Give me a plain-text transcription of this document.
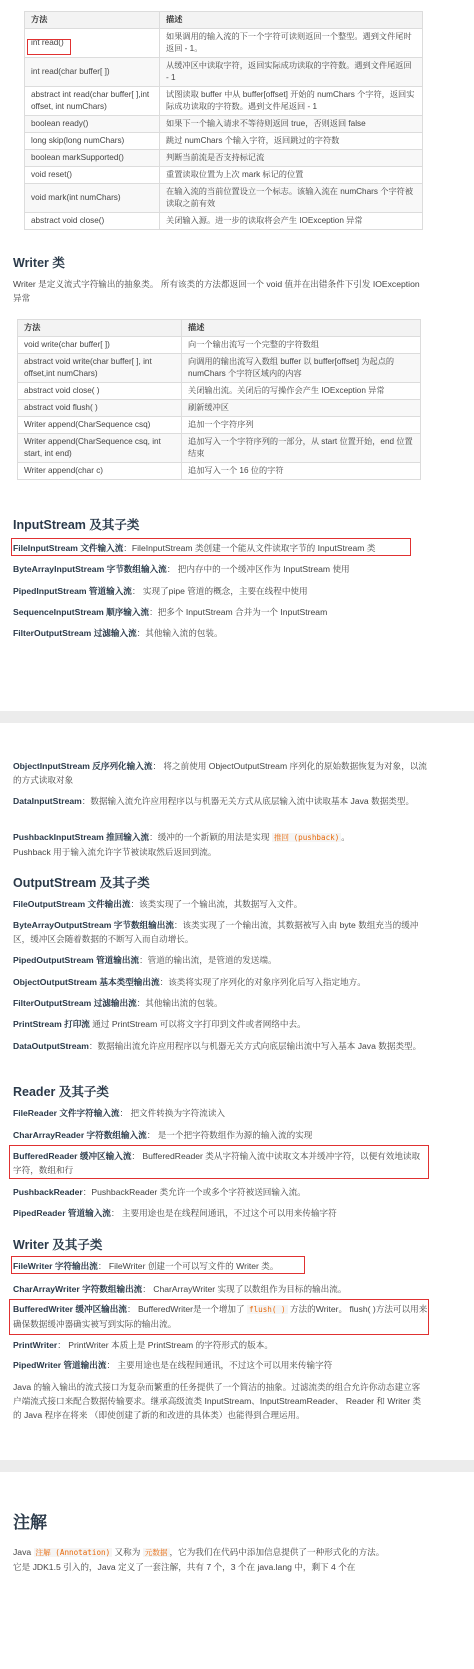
方法	描述
int read()	如果调用的输入流的下一个字符可读则返回一个整型。遇到文件尾时返回 - 1。
int read(char buffer[ ])	从缓冲区中读取字符，返回实际成功读取的字符数。遇到文件尾返回 - 1
abstract int read(char buffer[ ],int offset, int numChars)	试图读取 buffer 中从 buffer[offset] 开始的 numChars 个字符，返回实际成功读取的字符数。遇到文件尾返回 - 1
boolean ready()	如果下一个输入请求不等待则返回 true，否则返回 false
long skip(long numChars)	跳过 numChars 个输入字符，返回跳过的字符数
boolean markSupported()	判断当前流是否支持标记流
void reset()	重置读取位置为上次 mark 标记的位置
void mark(int numChars)	在输入流的当前位置设立一个标志。该输入流在 numChars 个字符被读取之前有效
abstract void close()	关闭输入源。进一步的读取将会产生 IOException 异常
Writer 类
Writer 是定义流式字符输出的抽象类。 所有该类的方法都返回一个 void 值并在出错条件下引发 IOException 异常
方法	描述
void write(char buffer[ ])	向一个输出流写一个完整的字符数组
abstract void write(char buffer[ ], int offset,int numChars)	向调用的输出流写入数组 buffer 以 buffer[offset] 为起点的 numChars 个字符区域内的内容
abstract void close( )	关闭输出流。关闭后的写操作会产生 IOException 异常
abstract void flush( )	刷新缓冲区
Writer append(CharSequence csq)	追加一个字符序列
Writer append(CharSequence csq, int start, int end)	追加写入一个字符序列的一部分，从 start 位置开始，end 位置结束
Writer append(char c)	追加写入一个 16 位的字符
InputStream 及其子类
FileInputStream 文件输入流：FileInputStream 类创建一个能从文件读取字节的 InputStream 类
ByteArrayInputStream 字节数组输入流： 把内存中的一个缓冲区作为 InputStream 使用
PipedInputStream 管道输入流： 实现了pipe 管道的概念，主要在线程中使用
SequenceInputStream 顺序输入流：把多个 InputStream 合并为一个 InputStream
FilterOutputStream 过滤输入流：其他输入流的包装。
ObjectInputStream 反序列化输入流： 将之前使用 ObjectOutputStream 序列化的原始数据恢复为对象，以流的方式读取对象
DataInputStream：数据输入流允许应用程序以与机器无关方式从底层输入流中读取基本 Java 数据类型。
PushbackInputStream 推回输入流：缓冲的一个新颖的用法是实现 推回 (pushback) 。
Pushback 用于输入流允许字节被读取然后返回到流。
OutputStream 及其子类
FileOutputStream 文件输出流：该类实现了一个输出流，其数据写入文件。
ByteArrayOutputStream 字节数组输出流：该类实现了一个输出流，其数据被写入由 byte 数组充当的缓冲区，缓冲区会随着数据的不断写入而自动增长。
PipedOutputStream 管道输出流：管道的输出流，是管道的发送端。
ObjectOutputStream 基本类型输出流：该类将实现了序列化的对象序列化后写入指定地方。
FilterOutputStream 过滤输出流：其他输出流的包装。
PrintStream 打印流 通过 PrintStream 可以将文字打印到文件或者网络中去。
DataOutputStream：数据输出流允许应用程序以与机器无关方式向底层输出流中写入基本 Java 数据类型。
Reader 及其子类
FileReader 文件字符输入流： 把文件转换为字符流读入
CharArrayReader 字符数组输入流： 是一个把字符数组作为源的输入流的实现
BufferedReader 缓冲区输入流： BufferedReader 类从字符输入流中读取文本并缓冲字符，以便有效地读取字符，数组和行
PushbackReader：PushbackReader 类允许一个或多个字符被送回输入流。
PipedReader 管道输入流： 主要用途也是在线程间通讯，不过这个可以用来传输字符
Writer 及其子类
FileWriter 字符输出流： FileWriter 创建一个可以写文件的 Writer 类。
CharArrayWriter 字符数组输出流： CharArrayWriter 实现了以数组作为目标的输出流。
BufferedWriter 缓冲区输出流： BufferedWriter是一个增加了 flush( ) 方法的Writer。 flush( )方法可以用来确保数据缓冲器确实被写到实际的输出流。
PrintWriter： PrintWriter 本质上是 PrintStream 的字符形式的版本。
PipedWriter 管道输出流： 主要用途也是在线程间通讯，不过这个可以用来传输字符
Java 的输入输出的流式接口为复杂而繁重的任务提供了一个简洁的抽象。过滤流类的组合允许你动态建立客户端流式接口来配合数据传输要求。继承高级流类 InputStream、InputStreamReader、 Reader 和 Writer 类的 Java 程序在将来 （即使创建了新的和改进的具体类）也能得到合理运用。
注解
Java 注解 (Annotation) 又称为 元数据 ，它为我们在代码中添加信息提供了一种形式化的方法。
它是 JDK1.5 引入的，Java 定义了一套注解，共有 7 个，3 个在 java.lang 中，剩下 4 个在
